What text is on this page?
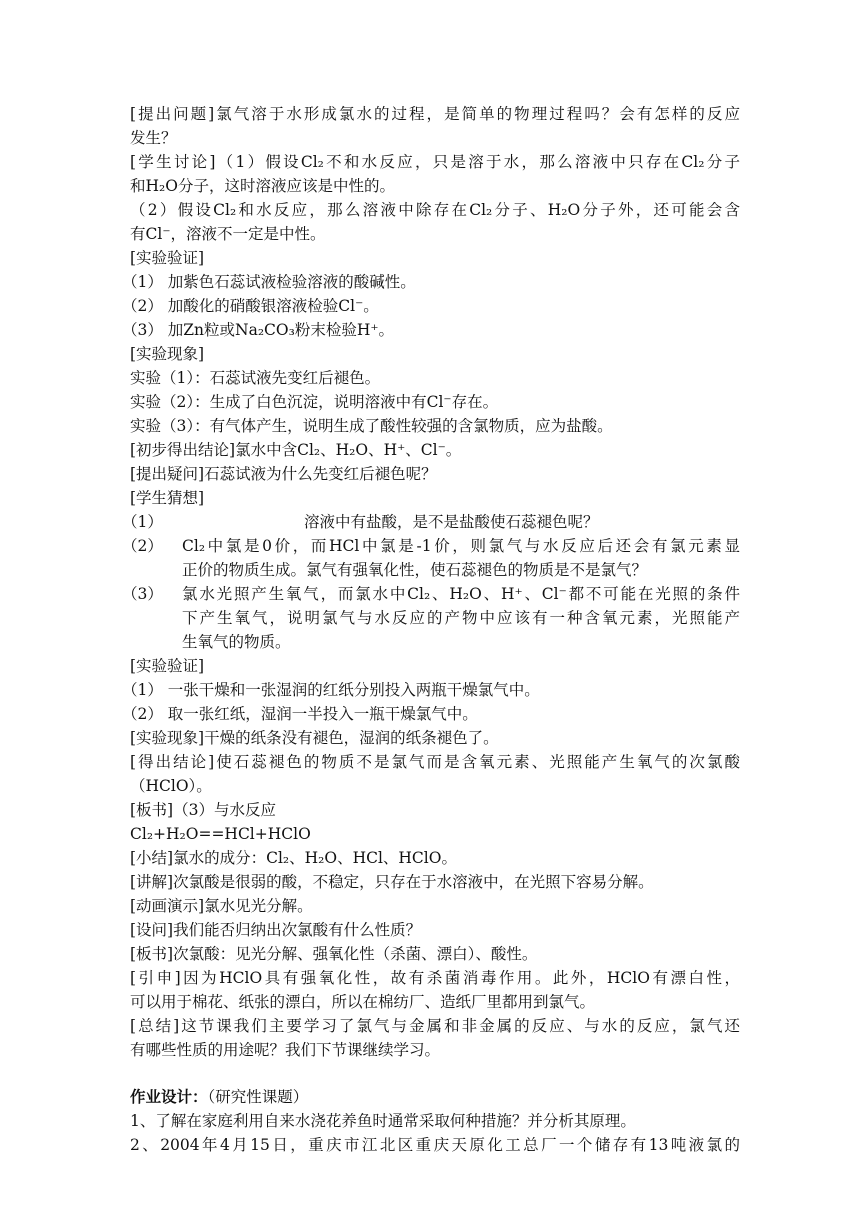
[提出问题]氯气溶于水形成氯水的过程，是简单的物理过程吗？会有怎样的反应
发生？
[学生讨论]（1）假设Cl₂不和水反应，只是溶于水，那么溶液中只存在Cl₂分子
和H₂O分子，这时溶液应该是中性的。
（2）假设Cl₂和水反应，那么溶液中除存在Cl₂分子、H₂O分子外，还可能会含
有Cl⁻，溶液不一定是中性。
[实验验证]
（1） 加紫色石蕊试液检验溶液的酸碱性。
（2） 加酸化的硝酸银溶液检验Cl⁻。
（3） 加Zn粒或Na₂CO₃粉末检验H⁺。
[实验现象]
实验（1）：石蕊试液先变红后褪色。
实验（2）：生成了白色沉淀，说明溶液中有Cl⁻存在。
实验（3）：有气体产生，说明生成了酸性较强的含氯物质，应为盐酸。
[初步得出结论]氯水中含Cl₂、H₂O、H⁺、Cl⁻。
[提出疑问]石蕊试液为什么先变红后褪色呢？
[学生猜想]
（1）	溶液中有盐酸，是不是盐酸使石蕊褪色呢？
（2） Cl₂中氯是0价，而HCl中氯是-1价，则氯气与水反应后还会有氯元素显
正价的物质生成。氯气有强氧化性，使石蕊褪色的物质是不是氯气？
（3） 氯水光照产生氧气，而氯水中Cl₂、H₂O、H⁺、Cl⁻都不可能在光照的条件
下产生氧气，说明氯气与水反应的产物中应该有一种含氧元素，光照能产
生氧气的物质。
[实验验证]
（1） 一张干燥和一张湿润的红纸分别投入两瓶干燥氯气中。
（2） 取一张红纸，湿润一半投入一瓶干燥氯气中。
[实验现象]干燥的纸条没有褪色，湿润的纸条褪色了。
[得出结论]使石蕊褪色的物质不是氯气而是含氧元素、光照能产生氧气的次氯酸
（HClO）。
[板书]（3）与水反应
Cl₂+H₂O==HCl+HClO
[小结]氯水的成分：Cl₂、H₂O、HCl、HClO。
[讲解]次氯酸是很弱的酸，不稳定，只存在于水溶液中，在光照下容易分解。
[动画演示]氯水见光分解。
[设问]我们能否归纳出次氯酸有什么性质？
[板书]次氯酸：见光分解、强氧化性（杀菌、漂白）、酸性。
[引申]因为HClO具有强氧化性，故有杀菌消毒作用。此外，HClO有漂白性，
可以用于棉花、纸张的漂白，所以在棉纺厂、造纸厂里都用到氯气。
[总结]这节课我们主要学习了氯气与金属和非金属的反应、与水的反应，氯气还
有哪些性质的用途呢？我们下节课继续学习。
作业设计：（研究性课题）
1、了解在家庭利用自来水浇花养鱼时通常采取何种措施？并分析其原理。
2、2004年4月15日，重庆市江北区重庆天原化工总厂一个储存有13吨液氯的
